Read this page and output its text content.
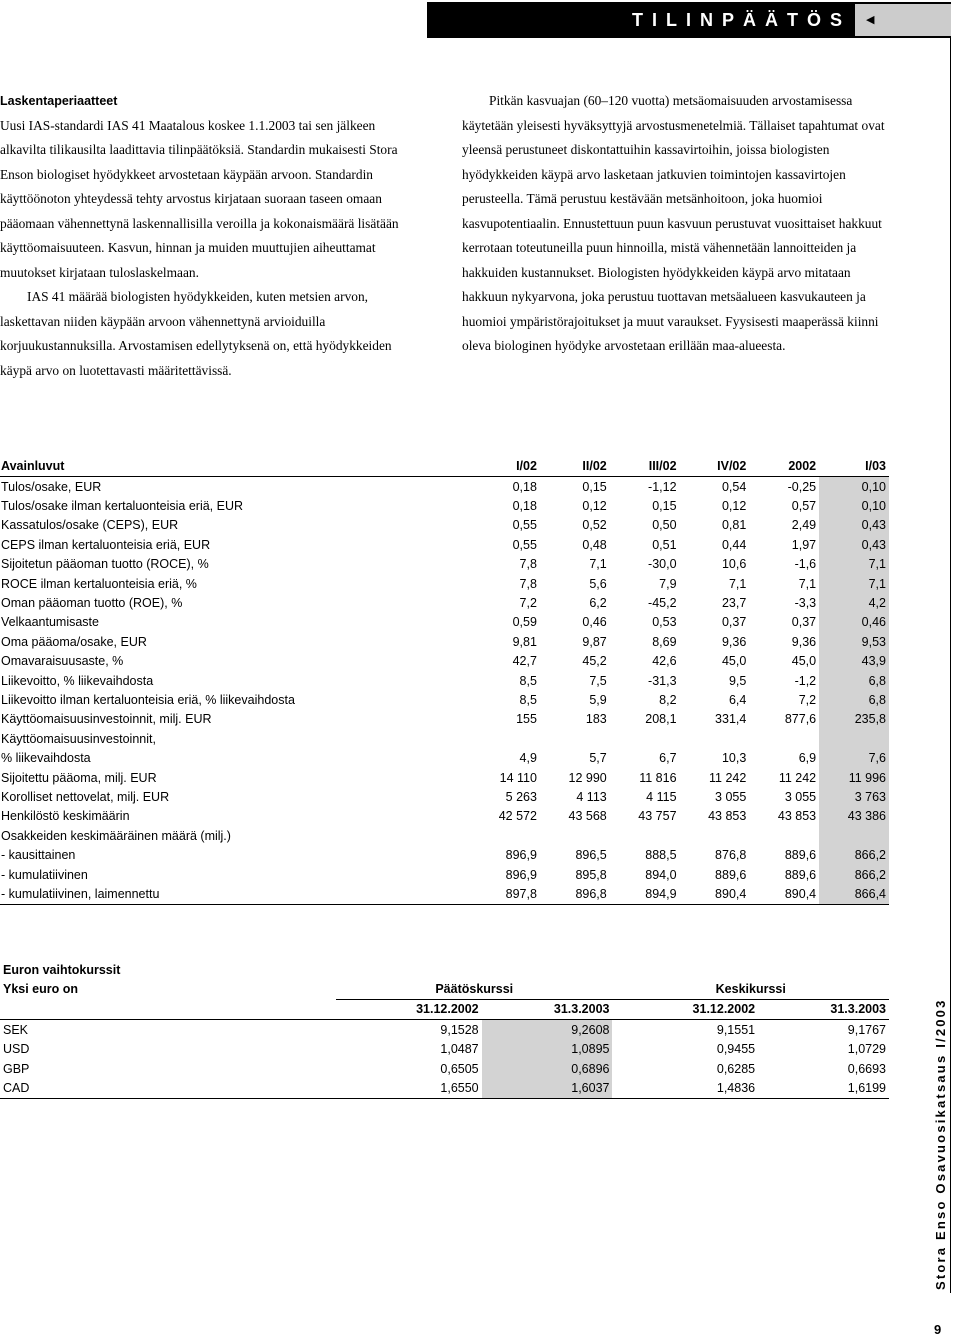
TILINPÄÄTÖS	◀
Stora Enso Osavuosikatsaus I/2003
9

Laskentaperiaatteet

Uusi IAS-standardi IAS 41 Maatalous koskee 1.1.2003 tai sen jälkeen alkavilta tilikausilta laadittavia tilinpäätöksiä. Standardin mukaisesti Stora Enson biologiset hyödykkeet arvostetaan käypään arvoon. Standardin käyttöönoton yhteydessä tehty arvostus kirjataan suoraan taseen omaan pääomaan vähennettynä laskennallisilla veroilla ja kokonaismäärä lisätään käyttöomaisuuteen. Kasvun, hinnan ja muiden muuttujien aiheuttamat muutokset kirjataan tuloslaskelmaan.

IAS 41 määrää biologisten hyödykkeiden, kuten metsien arvon, laskettavan niiden käypään arvoon vähennettynä arvioiduilla korjuukustannuksilla. Arvostamisen edellytyksenä on, että hyödykkeiden käypä arvo on luotettavasti määritettävissä.

Pitkän kasvuajan (60–120 vuotta) metsäomaisuuden arvostamisessa käytetään yleisesti hyväksyttyjä arvostusmenetelmiä. Tällaiset tapahtumat ovat yleensä perustuneet diskontattuihin kassavirtoihin, joissa biologisten hyödykkeiden käypä arvo lasketaan jatkuvien toimintojen kassavirtojen perusteella. Tämä perustuu kestävään metsänhoitoon, joka huomioi kasvupotentiaalin. Ennustettuun puun kasvuun perustuvat vuosittaiset hakkuut kerrotaan toteutuneilla puun hinnoilla, mistä vähennetään lannoitteiden ja hakkuiden kustannukset. Biologisten hyödykkeiden käypä arvo mitataan hakkuun nykyarvona, joka perustuu tuottavan metsäalueen kasvukauteen ja huomioi ympäristörajoitukset ja muut varaukset. Fyysisesti maaperässä kiinni oleva biologinen hyödyke arvostetaan erillään maa-alueesta.

Avainluvut	I/02	II/02	III/02	IV/02	2002	I/03
Tulos/osake, EUR	0,18	0,15	-1,12	0,54	-0,25	0,10
Tulos/osake ilman kertaluonteisia eriä, EUR	0,18	0,12	0,15	0,12	0,57	0,10
Kassatulos/osake (CEPS), EUR	0,55	0,52	0,50	0,81	2,49	0,43
CEPS ilman kertaluonteisia eriä, EUR	0,55	0,48	0,51	0,44	1,97	0,43
Sijoitetun pääoman tuotto (ROCE), %	7,8	7,1	-30,0	10,6	-1,6	7,1
ROCE ilman kertaluonteisia eriä, %	7,8	5,6	7,9	7,1	7,1	7,1
Oman pääoman tuotto (ROE), %	7,2	6,2	-45,2	23,7	-3,3	4,2
Velkaantumisaste	0,59	0,46	0,53	0,37	0,37	0,46
Oma pääoma/osake, EUR	9,81	9,87	8,69	9,36	9,36	9,53
Omavaraisuusaste, %	42,7	45,2	42,6	45,0	45,0	43,9
Liikevoitto, % liikevaihdosta	8,5	7,5	-31,3	9,5	-1,2	6,8
Liikevoitto ilman kertaluonteisia eriä, % liikevaihdosta	8,5	5,9	8,2	6,4	7,2	6,8
Käyttöomaisuusinvestoinnit, milj. EUR	155	183	208,1	331,4	877,6	235,8
Käyttöomaisuusinvestoinnit,						
% liikevaihdosta	4,9	5,7	6,7	10,3	6,9	7,6
Sijoitettu pääoma, milj. EUR	14 110	12 990	11 816	11 242	11 242	11 996
Korolliset nettovelat, milj. EUR	5 263	4 113	4 115	3 055	3 055	3 763
Henkilöstö keskimäärin	42 572	43 568	43 757	43 853	43 853	43 386
Osakkeiden keskimääräinen määrä (milj.)						
- kausittainen	896,9	896,5	888,5	876,8	889,6	866,2
- kumulatiivinen	896,9	895,8	894,0	889,6	889,6	866,2
- kumulatiivinen, laimennettu	897,8	896,8	894,9	890,4	890,4	866,4
Euron vaihtokurssit				
Yksi euro on	Päätöskurssi		Keskikurssi	
	31.12.2002	31.3.2003	31.12.2002	31.3.2003
SEK	9,1528	9,2608	9,1551	9,1767
USD	1,0487	1,0895	0,9455	1,0729
GBP	0,6505	0,6896	0,6285	0,6693
CAD	1,6550	1,6037	1,4836	1,6199
